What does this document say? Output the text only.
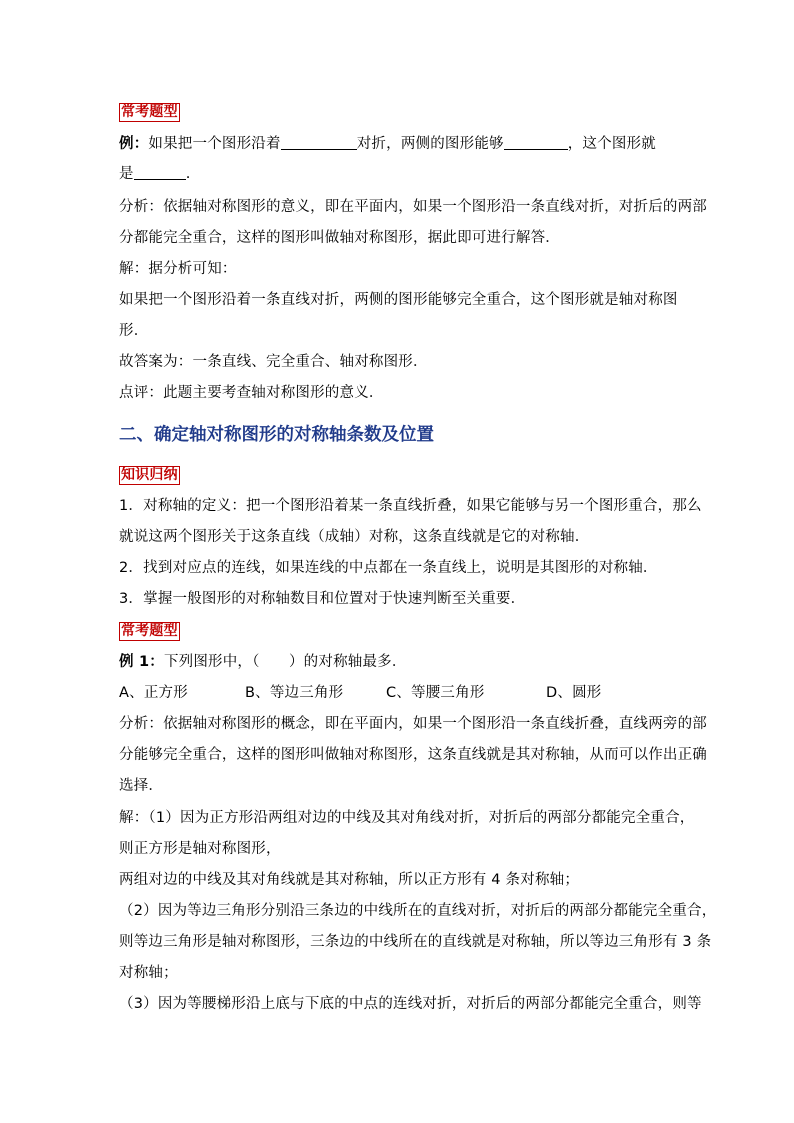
常考题型
例：如果把一个图形沿着	对折，两侧的图形能够	，这个图形就
是	.
分析：依据轴对称图形的意义，即在平面内，如果一个图形沿一条直线对折，对折后的两部
分都能完全重合，这样的图形叫做轴对称图形，据此即可进行解答．
解：据分析可知：
如果把一个图形沿着一条直线对折，两侧的图形能够完全重合，这个图形就是轴对称图
形．
故答案为：一条直线、完全重合、轴对称图形．
点评：此题主要考查轴对称图形的意义．
二、确定轴对称图形的对称轴条数及位置
知识归纳
1．对称轴的定义：把一个图形沿着某一条直线折叠，如果它能够与另一个图形重合，那么
就说这两个图形关于这条直线（成轴）对称，这条直线就是它的对称轴．
2．找到对应点的连线，如果连线的中点都在一条直线上，说明是其图形的对称轴．
3．掌握一般图形的对称轴数目和位置对于快速判断至关重要．
常考题型
例 1：下列图形中，（　　）的对称轴最多．
A、正方形	B、等边三角形	C、等腰三角形	D、圆形
分析：依据轴对称图形的概念，即在平面内，如果一个图形沿一条直线折叠，直线两旁的部
分能够完全重合，这样的图形叫做轴对称图形，这条直线就是其对称轴，从而可以作出正确
选择．
解：（1）因为正方形沿两组对边的中线及其对角线对折，对折后的两部分都能完全重合，
则正方形是轴对称图形，
两组对边的中线及其对角线就是其对称轴，所以正方形有 4 条对称轴；
（2）因为等边三角形分别沿三条边的中线所在的直线对折，对折后的两部分都能完全重合，
则等边三角形是轴对称图形，三条边的中线所在的直线就是对称轴，所以等边三角形有 3 条
对称轴；
（3）因为等腰梯形沿上底与下底的中点的连线对折，对折后的两部分都能完全重合，则等
